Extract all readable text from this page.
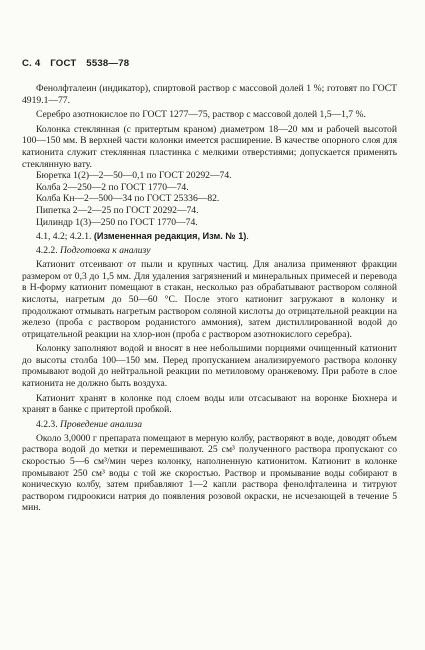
С. 4 ГОСТ 5538—78

Фенолфталеин (индикатор), спиртовой раствор с массовой долей 1 %; готовят по ГОСТ 4919.1—77.

Серебро азотнокислое по ГОСТ 1277—75, раствор с массовой долей 1,5—1,7 %.

Колонка стеклянная (с притертым краном) диаметром 18—20 мм и рабочей высотой 100—150 мм. В верхней части колонки имеется расширение. В качестве опорного слоя для катионита служит стеклянная пластинка с мелкими отверстиями; допускается применять стеклянную вату.

Бюретка 1(2)—2—50—0,1 по ГОСТ 20292—74.

Колба 2—250—2 по ГОСТ 1770—74.

Колба Кн—2—500—34 по ГОСТ 25336—82.

Пипетка 2—2—25 по ГОСТ 20292—74.

Цилиндр 1(3)—250 по ГОСТ 1770—74.

4.1, 4.2; 4.2.1. (Измененная редакция, Изм. № 1).
4.2.2. Подготовка к анализу

Катионит отсеивают от пыли и крупных частиц. Для анализа применяют фракции размером от 0,3 до 1,5 мм. Для удаления загрязнений и минеральных примесей и перевода в Н-форму катионит помещают в стакан, несколько раз обрабатывают раствором соляной кислоты, нагретым до 50—60 °С. После этого катионит загружают в колонку и продолжают отмывать нагретым раствором соляной кислоты до отрицательной реакции на железо (проба с раствором роданистого аммония), затем дистиллированной водой до отрицательной реакции на хлор-ион (проба с раствором азотнокислого серебра).

Колонку заполняют водой и вносят в нее небольшими порциями очищенный катионит до высоты столба 100—150 мм. Перед пропусканием анализируемого раствора колонку промывают водой до нейтральной реакции по метиловому оранжевому. При работе в слое катионита не должно быть воздуха.

Катионит хранят в колонке под слоем воды или отсасывают на воронке Бюхнера и хранят в банке с притертой пробкой.

4.2.3. Проведение анализа

Около 3,0000 г препарата помещают в мерную колбу, растворяют в воде, доводят объем раствора водой до метки и перемешивают. 25 см³ полученного раствора пропускают со скоростью 5—6 см³/мин через колонку, наполненную катионитом. Катионит в колонке промывают 250 см³ воды с той же скоростью. Раствор и промывание воды собирают в коническую колбу, затем прибавляют 1—2 капли раствора фенолфталеина и титруют раствором гидроокиси натрия до появления розовой окраски, не исчезающей в течение 5 мин.
